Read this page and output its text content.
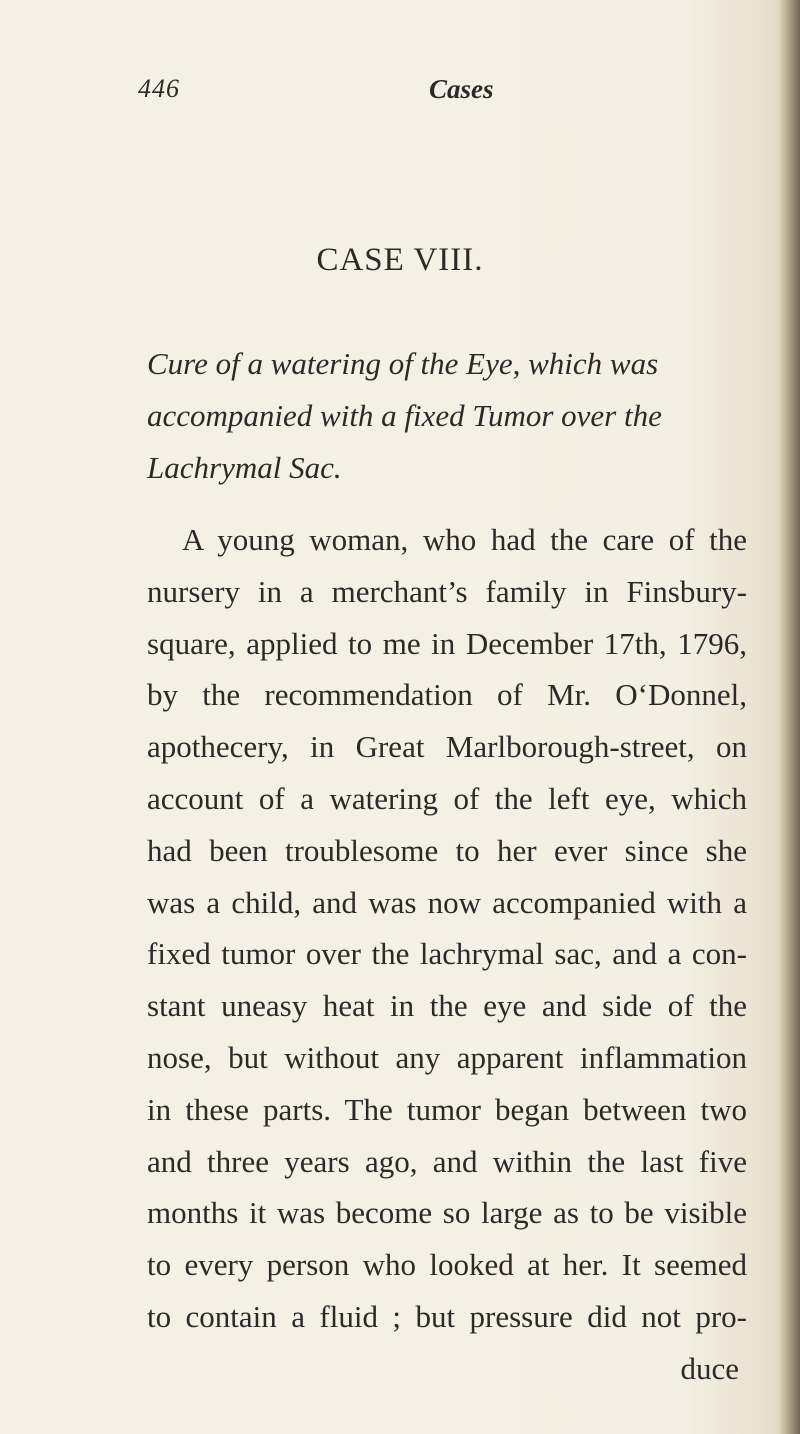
446	Cases
CASE VIII.
Cure of a watering of the Eye, which was
accompanied with a fixed Tumor over the
Lachrymal Sac.
A young woman, who had the care of the
nursery in a merchant’s family in Finsbury-
square, applied to me in December 17th, 1796,
by the recommendation of Mr. O‘Donnel,
apothecery, in Great Marlborough-street, on
account of a watering of the left eye, which
had been troublesome to her ever since she
was a child, and was now accompanied with a
fixed tumor over the lachrymal sac, and a con-
stant uneasy heat in the eye and side of the
nose, but without any apparent inflammation
in these parts. The tumor began between two
and three years ago, and within the last five
months it was become so large as to be visible
to every person who looked at her. It seemed
to contain a fluid ; but pressure did not pro-
duce
